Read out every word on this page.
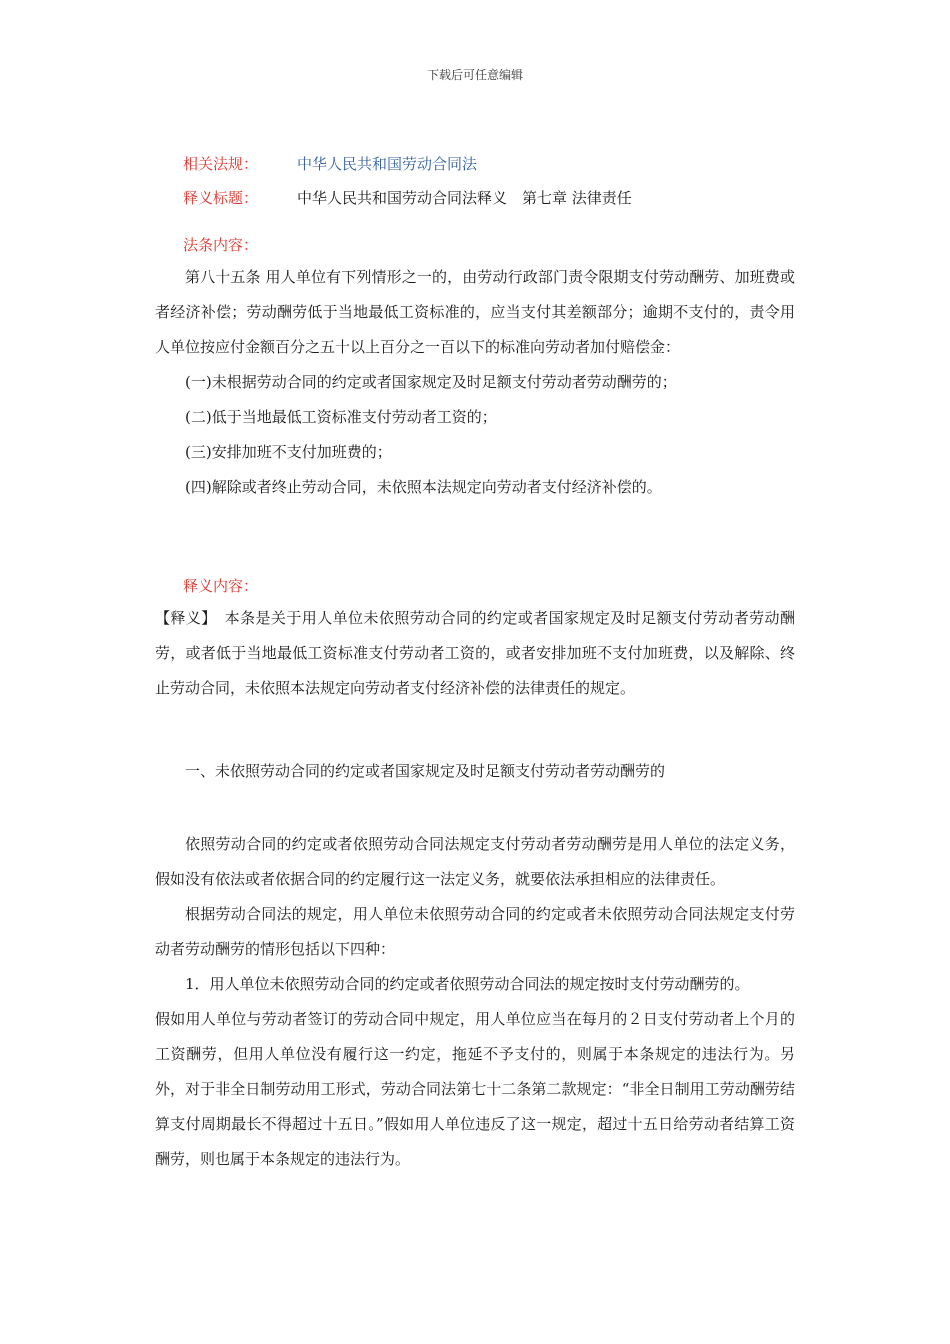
下载后可任意编辑
相关法规：	中华人民共和国劳动合同法
释义标题：	中华人民共和国劳动合同法释义　第七章 法律责任
法条内容：

第八十五条 用人单位有下列情形之一的，由劳动行政部门责令限期支付劳动酬劳、加班费或者经济补偿；劳动酬劳低于当地最低工资标准的，应当支付其差额部分；逾期不支付的，责令用人单位按应付金额百分之五十以上百分之一百以下的标准向劳动者加付赔偿金：

(一)未根据劳动合同的约定或者国家规定及时足额支付劳动者劳动酬劳的；

(二)低于当地最低工资标准支付劳动者工资的；

(三)安排加班不支付加班费的；

(四)解除或者终止劳动合同，未依照本法规定向劳动者支付经济补偿的。

释义内容：

【释义】　本条是关于用人单位未依照劳动合同的约定或者国家规定及时足额支付劳动者劳动酬劳，或者低于当地最低工资标准支付劳动者工资的，或者安排加班不支付加班费，以及解除、终止劳动合同，未依照本法规定向劳动者支付经济补偿的法律责任的规定。

一、未依照劳动合同的约定或者国家规定及时足额支付劳动者劳动酬劳的

依照劳动合同的约定或者依照劳动合同法规定支付劳动者劳动酬劳是用人单位的法定义务，假如没有依法或者依据合同的约定履行这一法定义务，就要依法承担相应的法律责任。

根据劳动合同法的规定，用人单位未依照劳动合同的约定或者未依照劳动合同法规定支付劳动者劳动酬劳的情形包括以下四种：

1．用人单位未依照劳动合同的约定或者依照劳动合同法的规定按时支付劳动酬劳的。

假如用人单位与劳动者签订的劳动合同中规定，用人单位应当在每月的２日支付劳动者上个月的工资酬劳，但用人单位没有履行这一约定，拖延不予支付的，则属于本条规定的违法行为。另外，对于非全日制劳动用工形式，劳动合同法第七十二条第二款规定：“非全日制用工劳动酬劳结算支付周期最长不得超过十五日。”假如用人单位违反了这一规定，超过十五日给劳动者结算工资酬劳，则也属于本条规定的违法行为。
